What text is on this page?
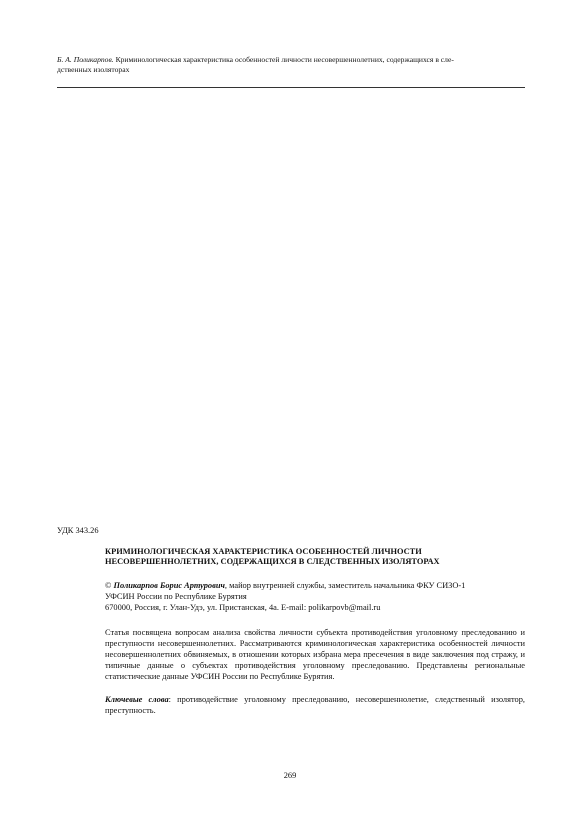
Б. А. Поликарпов. Криминологическая характеристика особенностей личности несовершеннолетних, содержащихся в сле-
дственных изоляторах
УДК 343.26
КРИМИНОЛОГИЧЕСКАЯ ХАРАКТЕРИСТИКА ОСОБЕННОСТЕЙ ЛИЧНОСТИ
НЕСОВЕРШЕННОЛЕТНИХ, СОДЕРЖАЩИХСЯ В СЛЕДСТВЕННЫХ ИЗОЛЯТОРАХ
© Поликарпов Борис Артурович, майор внутренней службы, заместитель начальника ФКУ СИЗО-1
УФСИН России по Республике Бурятия
670000, Россия, г. Улан-Удэ, ул. Пристанская, 4а. E-mail: polikarpovb@mail.ru
Статья посвящена вопросам анализа свойства личности субъекта противодействия уголовному преследованию и преступности несовершеннолетних. Рассматриваются криминологическая характеристика особенностей личности несовершеннолетних обвиняемых, в отношении которых избрана мера пресечения в виде заключения под стражу, и типичные данные о субъектах противодействия уголовному преследованию. Представлены региональные статистические данные УФСИН России по Республике Бурятия.
Ключевые слова: противодействие уголовному преследованию, несовершеннолетие, следственный изолятор, преступность.
269
